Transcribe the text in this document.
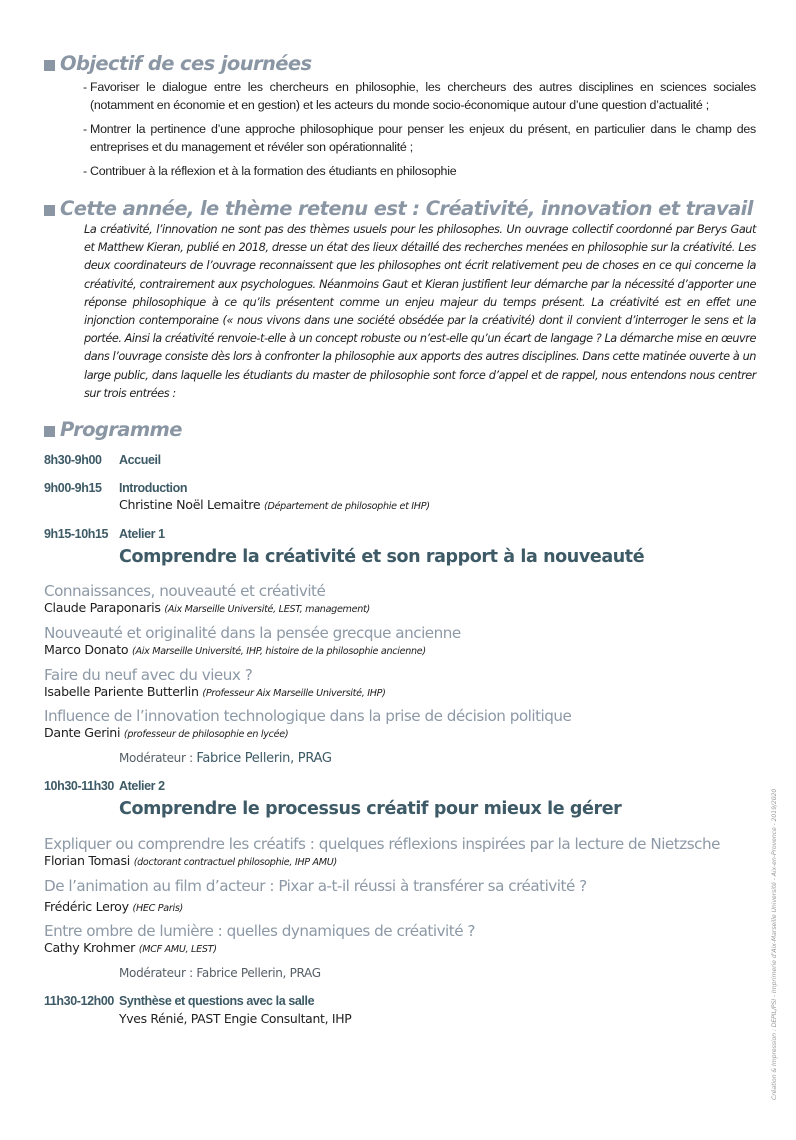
Objectif de ces journées
- Favoriser le dialogue entre les chercheurs en philosophie, les chercheurs des autres disciplines en sciences sociales (notamment en économie et en gestion) et les acteurs du monde socio-économique autour d’une question d’actualité ;
- Montrer la pertinence d’une approche philosophique pour penser les enjeux du présent, en particulier dans le champ des entreprises et du management et révéler son opérationnalité ;
- Contribuer à la réflexion et à la formation des étudiants en philosophie
Cette année, le thème retenu est : Créativité, innovation et travail

La créativité, l’innovation ne sont pas des thèmes usuels pour les philosophes. Un ouvrage collectif coordonné par Berys Gaut et Matthew Kieran, publié en 2018, dresse un état des lieux détaillé des recherches menées en philosophie sur la créativité. Les deux coordinateurs de l’ouvrage reconnaissent que les philosophes ont écrit relativement peu de choses en ce qui concerne la créativité, contrairement aux psychologues. Néanmoins Gaut et Kieran justifient leur démarche par la nécessité d’apporter une réponse philosophique à ce qu’ils présentent comme un enjeu majeur du temps présent. La créativité est en effet une injonction contemporaine (« nous vivons dans une société obsédée par la créativité) dont il convient d’interroger le sens et la portée. Ainsi la créativité renvoie-t-elle à un concept robuste ou n’est-elle qu’un écart de langage ? La démarche mise en œuvre dans l’ouvrage consiste dès lors à confronter la philosophie aux apports des autres disciplines. Dans cette matinée ouverte à un large public, dans laquelle les étudiants du master de philosophie sont force d’appel et de rappel, nous entendons nous centrer sur trois entrées :

Programme
8h30-9h00 Accueil
9h00-9h15 Introduction
Christine Noël Lemaitre (Département de philosophie et IHP)
9h15-10h15 Atelier 1
Comprendre la créativité et son rapport à la nouveauté
Connaissances, nouveauté et créativité
Claude Paraponaris (Aix Marseille Université, LEST, management)
Nouveauté et originalité dans la pensée grecque ancienne
Marco Donato (Aix Marseille Université, IHP, histoire de la philosophie ancienne)
Faire du neuf avec du vieux ?
Isabelle Pariente Butterlin (Professeur Aix Marseille Université, IHP)
Influence de l’innovation technologique dans la prise de décision politique
Dante Gerini (professeur de philosophie en lycée)
Modérateur : Fabrice Pellerin, PRAG
10h30-11h30 Atelier 2
Comprendre le processus créatif pour mieux le gérer
Expliquer ou comprendre les créatifs : quelques réflexions inspirées par la lecture de Nietzsche
Florian Tomasi (doctorant contractuel philosophie, IHP AMU)
De l’animation au film d’acteur : Pixar a-t-il réussi à transférer sa créativité ?
Frédéric Leroy (HEC Paris)
Entre ombre de lumière : quelles dynamiques de créativité ?
Cathy Krohmer (MCF AMU, LEST)
Modérateur : Fabrice Pellerin, PRAG
11h30-12h00 Synthèse et questions avec la salle
Yves Rénié, PAST Engie Consultant, IHP	Création & Impression : DEPIL/PSI - Imprimerie d’Aix-Marseille Université - Aix-en-Provence - 2019/2020
